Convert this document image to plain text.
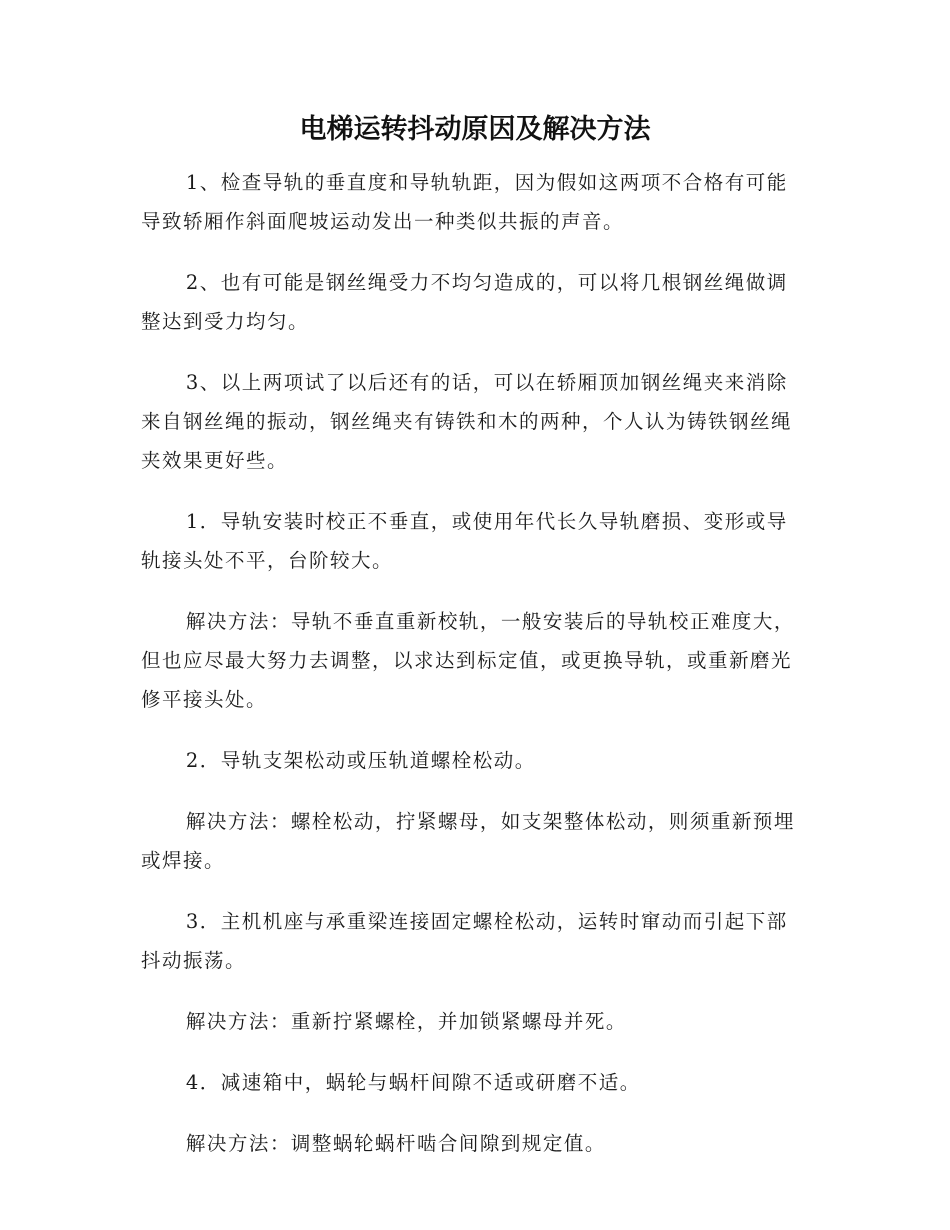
电梯运转抖动原因及解决方法

1、检查导轨的垂直度和导轨轨距，因为假如这两项不合格有可能导致轿厢作斜面爬坡运动发出一种类似共振的声音。

2、也有可能是钢丝绳受力不均匀造成的，可以将几根钢丝绳做调整达到受力均匀。

3、以上两项试了以后还有的话，可以在轿厢顶加钢丝绳夹来消除来自钢丝绳的振动，钢丝绳夹有铸铁和木的两种，个人认为铸铁钢丝绳夹效果更好些。

1．导轨安装时校正不垂直，或使用年代长久导轨磨损、变形或导轨接头处不平，台阶较大。

解决方法：导轨不垂直重新校轨，一般安装后的导轨校正难度大，但也应尽最大努力去调整，以求达到标定值，或更换导轨，或重新磨光修平接头处。

2．导轨支架松动或压轨道螺栓松动。

解决方法：螺栓松动，拧紧螺母，如支架整体松动，则须重新预埋或焊接。

3．主机机座与承重梁连接固定螺栓松动，运转时窜动而引起下部抖动振荡。

解决方法：重新拧紧螺栓，并加锁紧螺母并死。

4．减速箱中，蜗轮与蜗杆间隙不适或研磨不适。

解决方法：调整蜗轮蜗杆啮合间隙到规定值。
